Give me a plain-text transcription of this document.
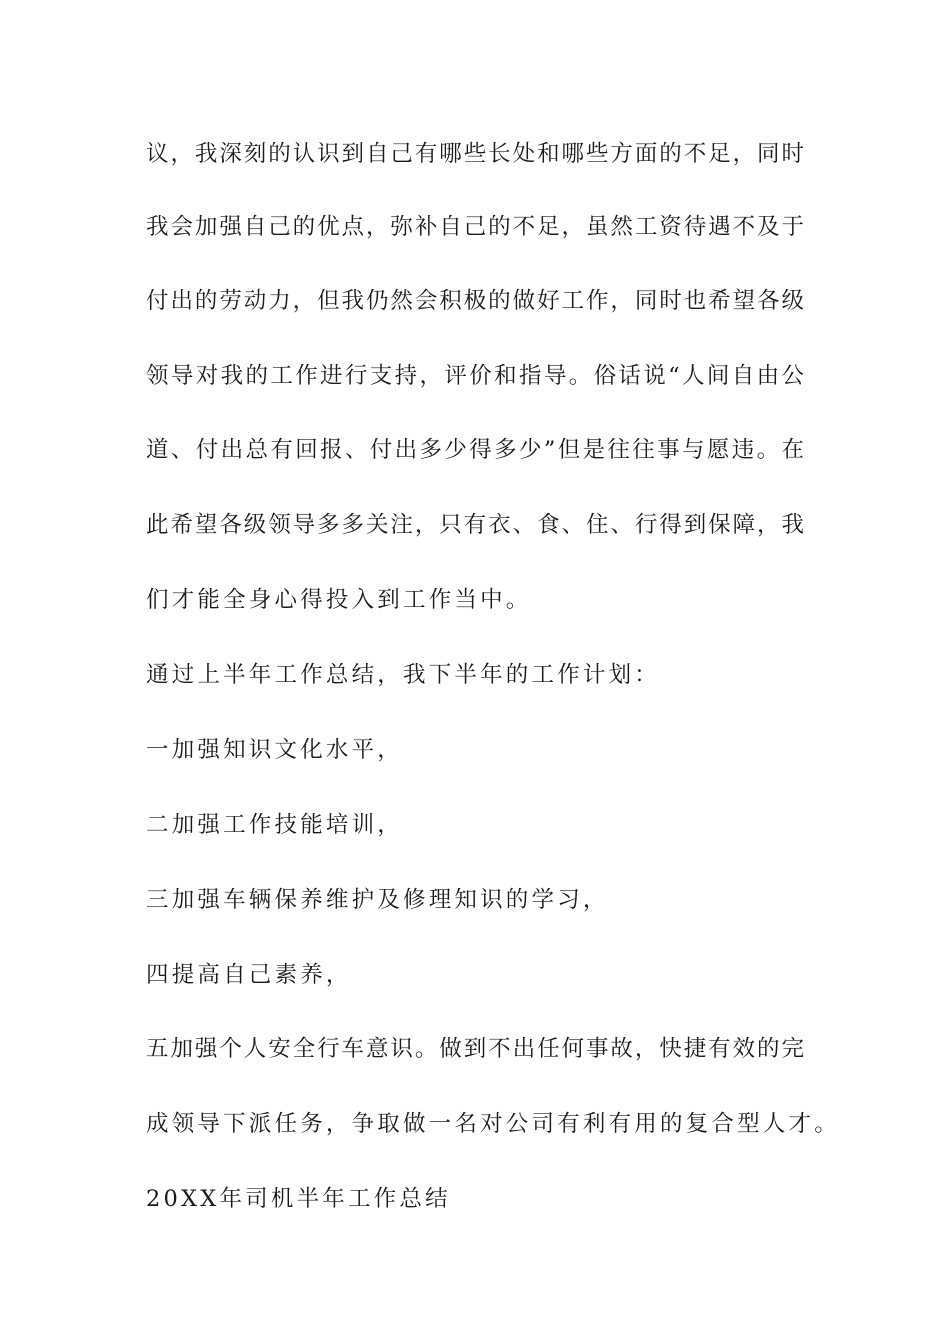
议，我深刻的认识到自己有哪些长处和哪些方面的不足，同时
我会加强自己的优点，弥补自己的不足，虽然工资待遇不及于
付出的劳动力，但我仍然会积极的做好工作，同时也希望各级
领导对我的工作进行支持，评价和指导。俗话说“人间自由公
道、付出总有回报、付出多少得多少”但是往往事与愿违。在
此希望各级领导多多关注，只有衣、食、住、行得到保障，我
们才能全身心得投入到工作当中。
通过上半年工作总结，我下半年的工作计划：
一加强知识文化水平，
二加强工作技能培训，
三加强车辆保养维护及修理知识的学习，
四提高自己素养，
五加强个人安全行车意识。做到不出任何事故，快捷有效的完
成领导下派任务，争取做一名对公司有利有用的复合型人才。
20XX年司机半年工作总结
